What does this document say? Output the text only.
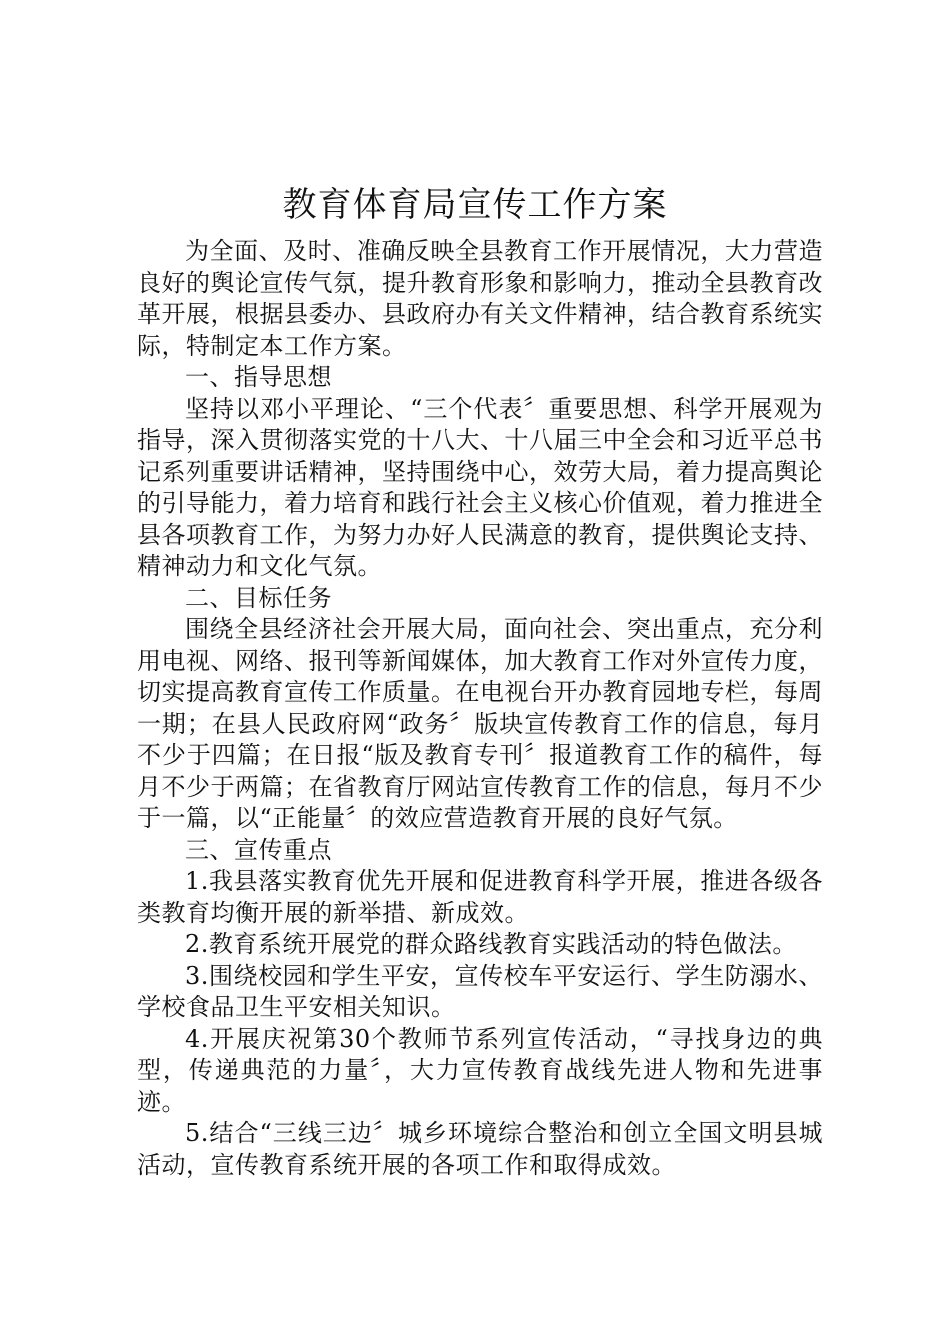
教育体育局宣传工作方案

为全面、及时、准确反映全县教育工作开展情况，大力营造良好的舆论宣传气氛，提升教育形象和影响力，推动全县教育改革开展，根据县委办、县政府办有关文件精神，结合教育系统实际，特制定本工作方案。

一、指导思想

坚持以邓小平理论、“三个代表〞重要思想、科学开展观为指导，深入贯彻落实党的十八大、十八届三中全会和习近平总书记系列重要讲话精神，坚持围绕中心，效劳大局，着力提高舆论的引导能力，着力培育和践行社会主义核心价值观，着力推进全县各项教育工作，为努力办好人民满意的教育，提供舆论支持、精神动力和文化气氛。

二、目标任务

围绕全县经济社会开展大局，面向社会、突出重点，充分利用电视、网络、报刊等新闻媒体，加大教育工作对外宣传力度，切实提高教育宣传工作质量。在电视台开办教育园地专栏，每周一期；在县人民政府网“政务〞版块宣传教育工作的信息，每月不少于四篇；在日报“版及教育专刊〞报道教育工作的稿件，每月不少于两篇；在省教育厅网站宣传教育工作的信息，每月不少于一篇，以“正能量〞的效应营造教育开展的良好气氛。

三、宣传重点

1.我县落实教育优先开展和促进教育科学开展，推进各级各类教育均衡开展的新举措、新成效。

2.教育系统开展党的群众路线教育实践活动的特色做法。

3.围绕校园和学生平安，宣传校车平安运行、学生防溺水、学校食品卫生平安相关知识。

4.开展庆祝第30个教师节系列宣传活动，“寻找身边的典型，传递典范的力量〞，大力宣传教育战线先进人物和先进事迹。

5.结合“三线三边〞城乡环境综合整治和创立全国文明县城活动，宣传教育系统开展的各项工作和取得成效。
